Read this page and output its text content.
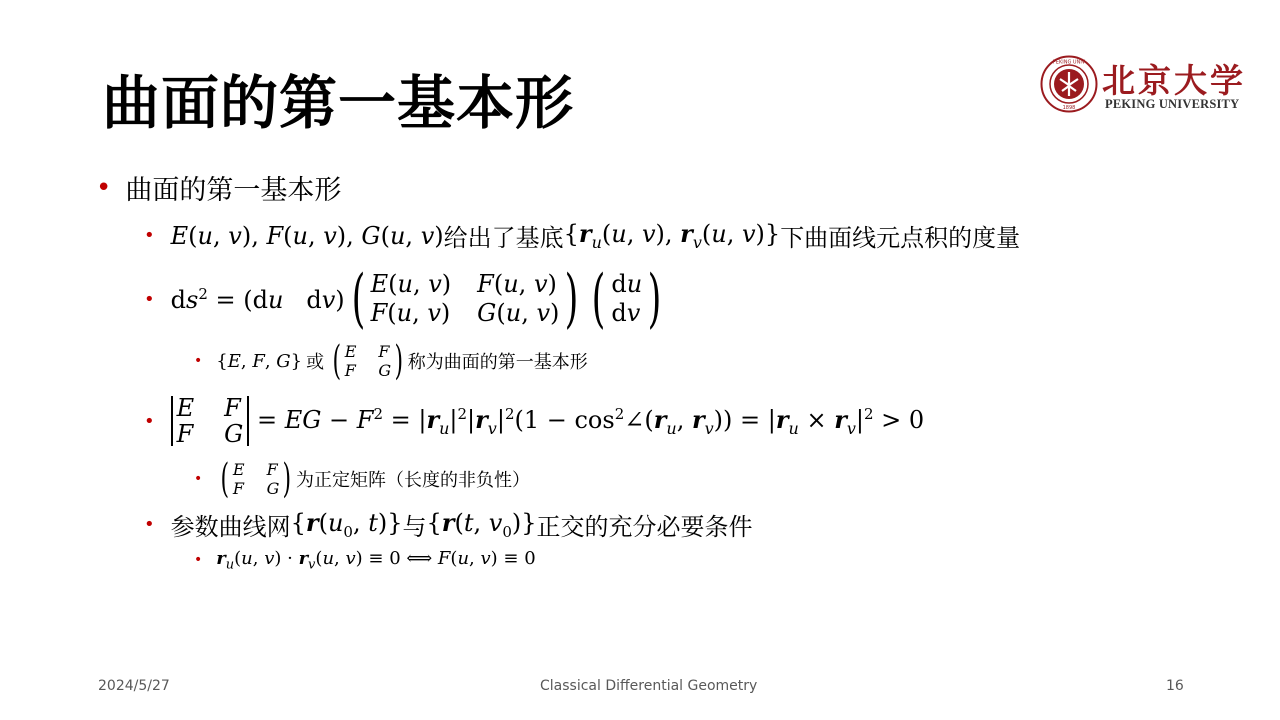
曲面的第一基本形
PEKING UNIV
1898
北京大学
PEKING UNIVERSITY
• 曲面的第一基本形
• E(u, v), F(u, v), G(u, v) 给出了基底 {$r_u(u$, v), $r_v(u$, v)} 下曲面线元点积的度量
• $ds^2 = (du$   dv) ( E(u, v) F(u, v)
F(u, v) G(u, v) ) ( du
dv )
• {E, F, G} 或 ( E F
F G ) 称为曲面的第一基本形
• E F
F G
= EG − $F^2 = |r_u|^2|r_v|^2(1$ − $\cos^2\angle(r_u$, $r_v)) = |r_u \times r_v|^2 > 0$
• ( E F
F G ) 为正定矩阵（长度的非负性）
• 参数曲线网 {$r(u_0$, t)} 与 {r(t, $v_0$)} 正交的充分必要条件
• $r_u(u$, $v) \cdot r_v(u$, v) ≡ 0 ⟺ F(u, v) ≡ 0
2024/5/27	Classical Differential Geometry	16
